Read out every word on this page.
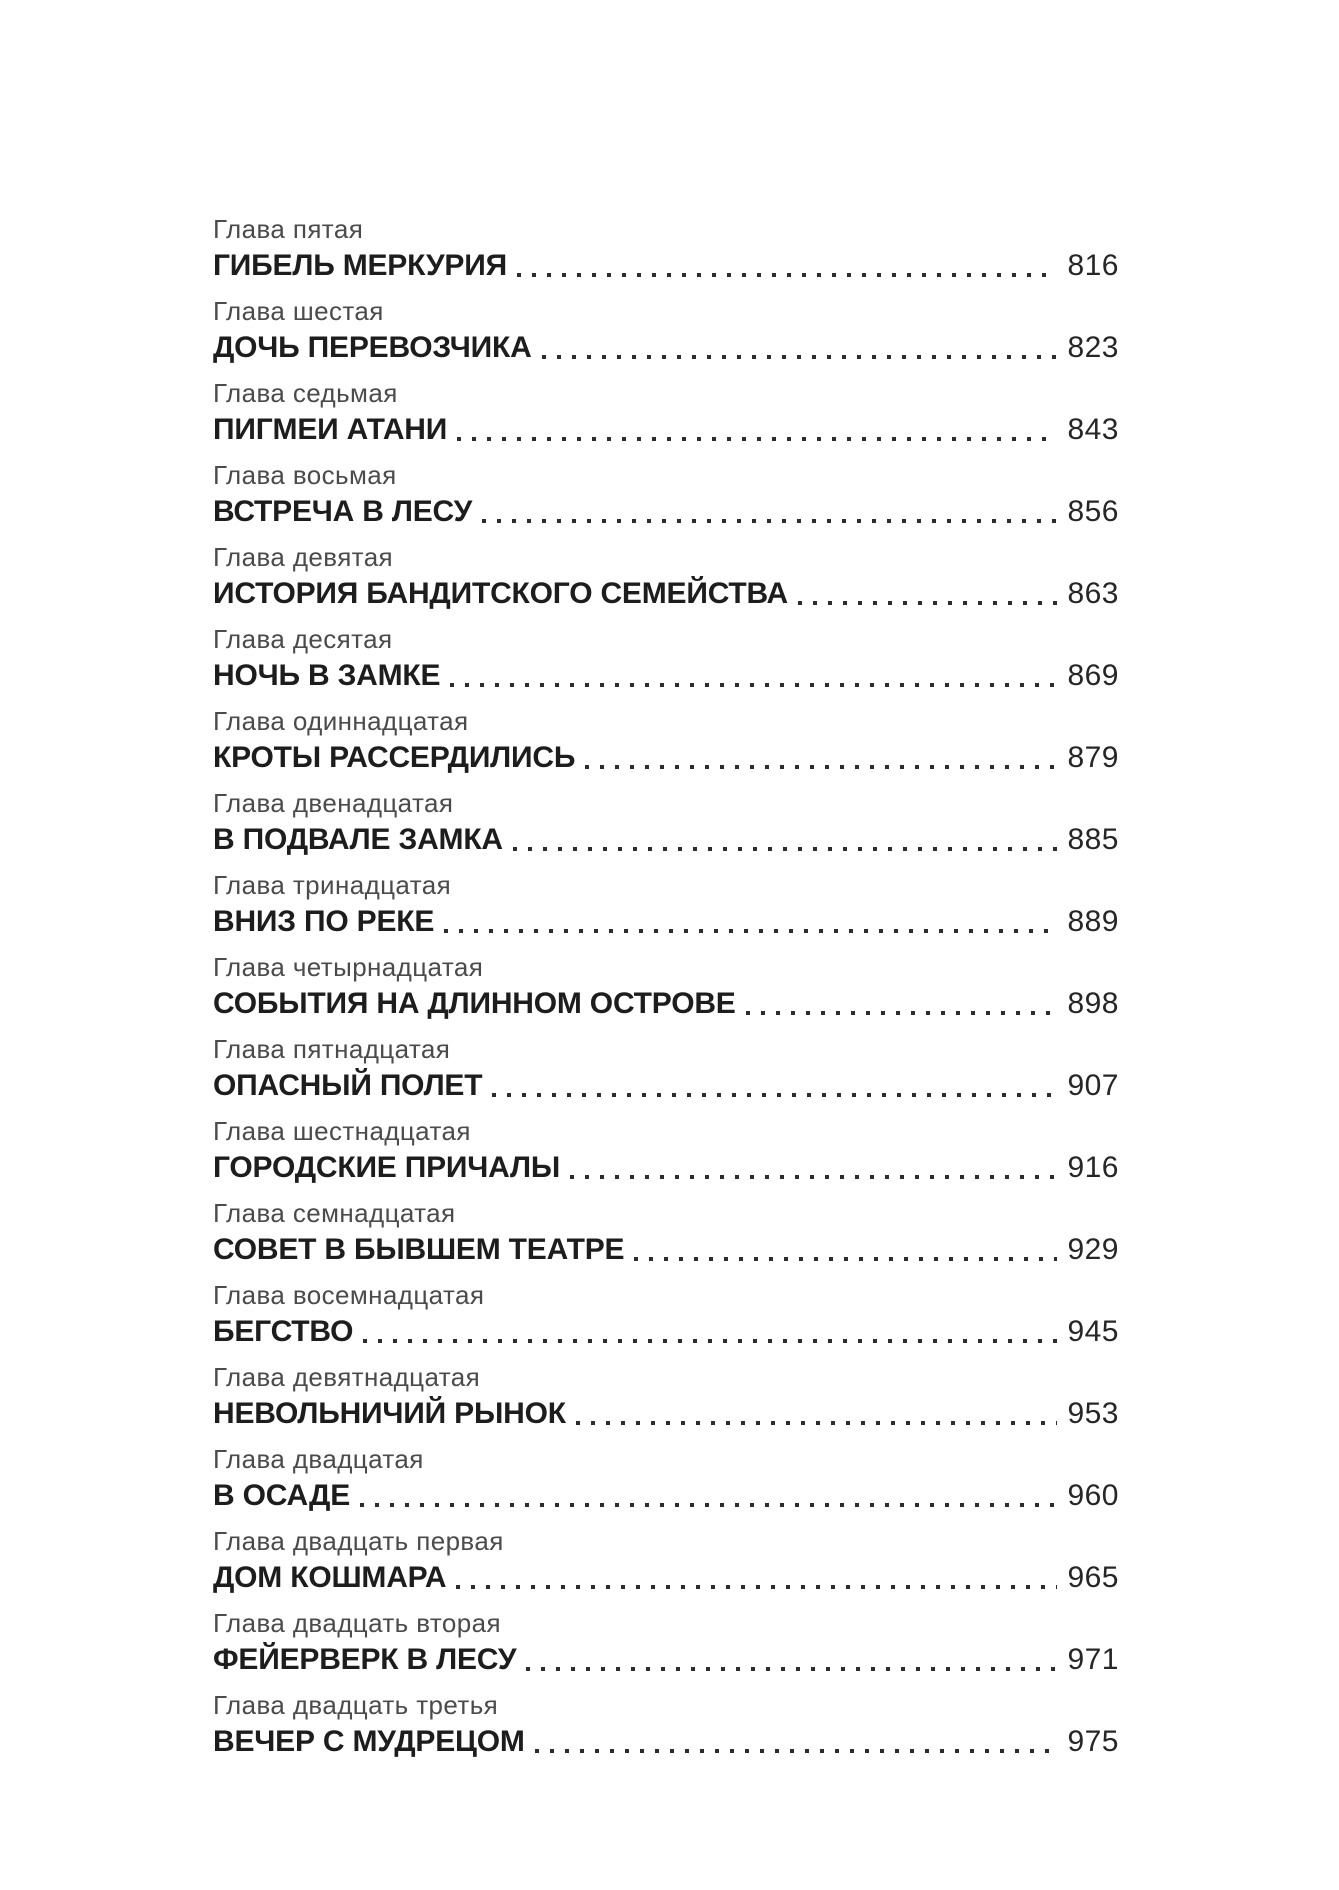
Глава пятая
ГИБЕЛЬ МЕРКУРИЯ	816
Глава шестая
ДОЧЬ ПЕРЕВОЗЧИКА	823
Глава седьмая
ПИГМЕИ АТАНИ	843
Глава восьмая
ВСТРЕЧА В ЛЕСУ	856
Глава девятая
ИСТОРИЯ БАНДИТСКОГО СЕМЕЙСТВА	863
Глава десятая
НОЧЬ В ЗАМКЕ	869
Глава одиннадцатая
КРОТЫ РАССЕРДИЛИСЬ	879
Глава двенадцатая
В ПОДВАЛЕ ЗАМКА	885
Глава тринадцатая
ВНИЗ ПО РЕКЕ	889
Глава четырнадцатая
СОБЫТИЯ НА ДЛИННОМ ОСТРОВЕ	898
Глава пятнадцатая
ОПАСНЫЙ ПОЛЕТ	907
Глава шестнадцатая
ГОРОДСКИЕ ПРИЧАЛЫ	916
Глава семнадцатая
СОВЕТ В БЫВШЕМ ТЕАТРЕ	929
Глава восемнадцатая
БЕГСТВО	945
Глава девятнадцатая
НЕВОЛЬНИЧИЙ РЫНОК	953
Глава двадцатая
В ОСАДЕ	960
Глава двадцать первая
ДОМ КОШМАРА	965
Глава двадцать вторая
ФЕЙЕРВЕРК В ЛЕСУ	971
Глава двадцать третья
ВЕЧЕР С МУДРЕЦОМ	975
